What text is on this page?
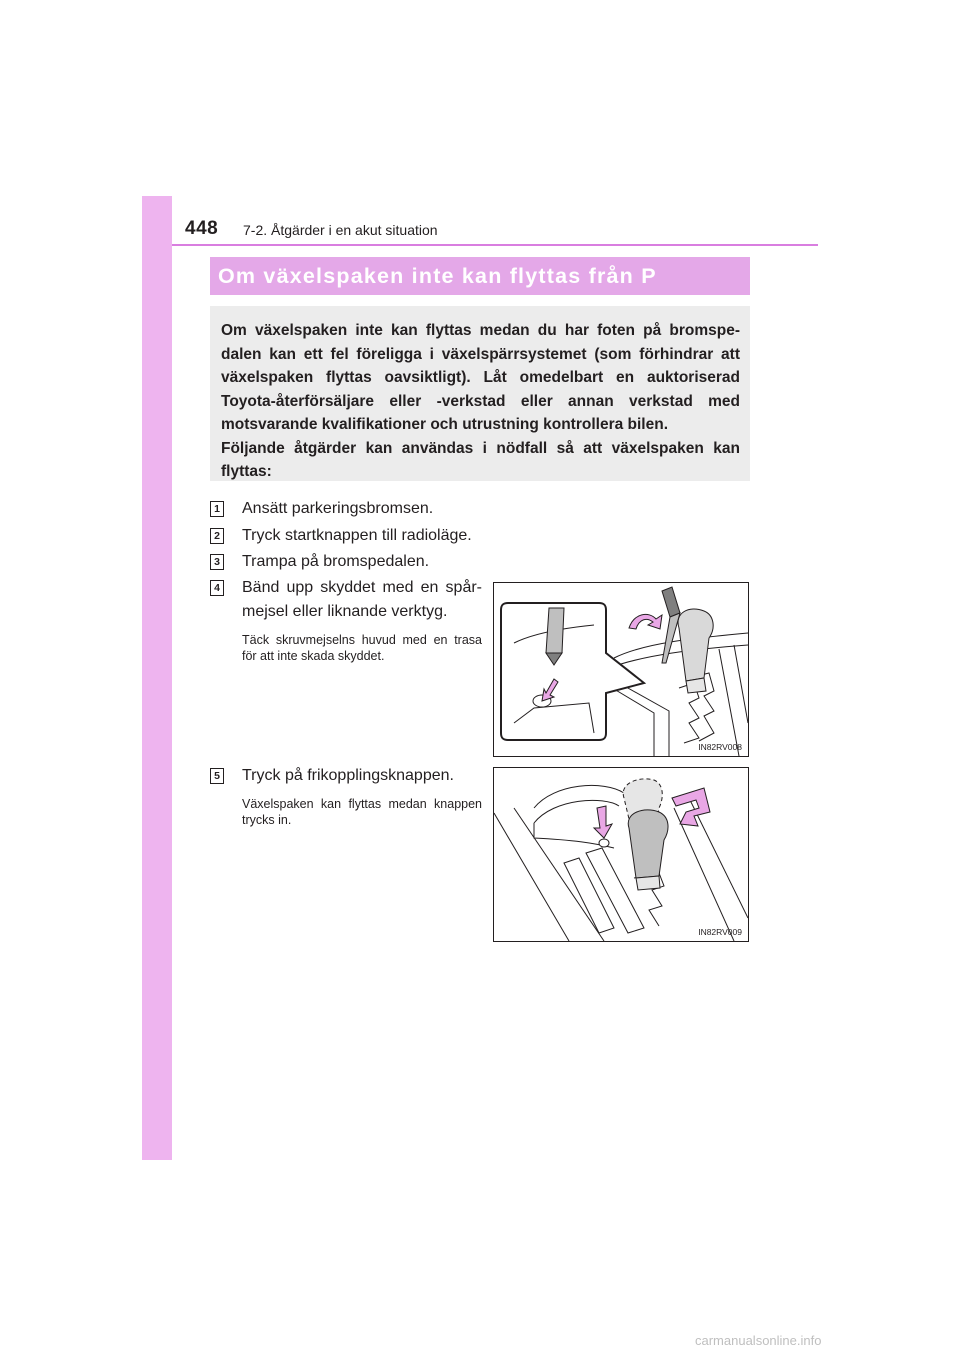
448 7-2. Åtgärder i en akut situation
Om växelspaken inte kan flyttas från P

Om växelspaken inte kan flyttas medan du har foten på bromspe- dalen kan ett fel föreligga i växelspärrsystemet (som förhindrar att växelspaken flyttas oavsiktligt). Låt omedelbart en auktoriserad Toyota-återförsäljare eller -verkstad eller annan verkstad med motsvarande kvalifikationer och utrustning kontrollera bilen.

Följande åtgärder kan användas i nödfall så att växelspaken kan flyttas:

1 Ansätt parkeringsbromsen.
2 Tryck startknappen till radioläge.
3 Trampa på bromspedalen.
4 Bänd upp skyddet med en spår- mejsel eller liknande verktyg.
Täck skruvmejselns huvud med en trasa för att inte skada skyddet.
IN82RV008
5 Tryck på frikopplingsknappen.
Växelspaken kan flyttas medan knappen trycks in.
IN82RV009
carmanualsonline.info
